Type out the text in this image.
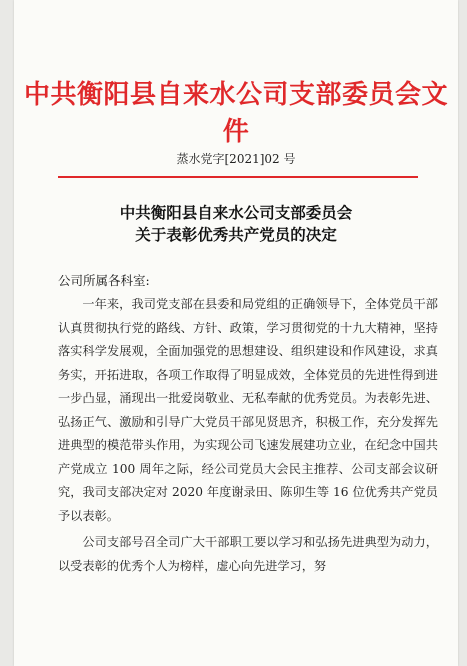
中共衡阳县自来水公司支部委员会文件
蒸水党字[2021]02 号
中共衡阳县自来水公司支部委员会
关于表彰优秀共产党员的决定
公司所属各科室:

一年来，我司党支部在县委和局党组的正确领导下，全体党员干部认真贯彻执行党的路线、方针、政策，学习贯彻党的十九大精神，坚持落实科学发展观，全面加强党的思想建设、组织建设和作风建设，求真务实，开拓进取，各项工作取得了明显成效，全体党员的先进性得到进一步凸显，涌现出一批爱岗敬业、无私奉献的优秀党员。为表彰先进、弘扬正气、激励和引导广大党员干部见贤思齐，积极工作，充分发挥先进典型的模范带头作用，为实现公司飞速发展建功立业，在纪念中国共产党成立 100 周年之际，经公司党员大会民主推荐、公司支部会议研究，我司支部决定对 2020 年度谢录田、陈卯生等 16 位优秀共产党员予以表彰。

公司支部号召全司广大干部职工要以学习和弘扬先进典型为动力，以受表彰的优秀个人为榜样，虚心向先进学习，努
